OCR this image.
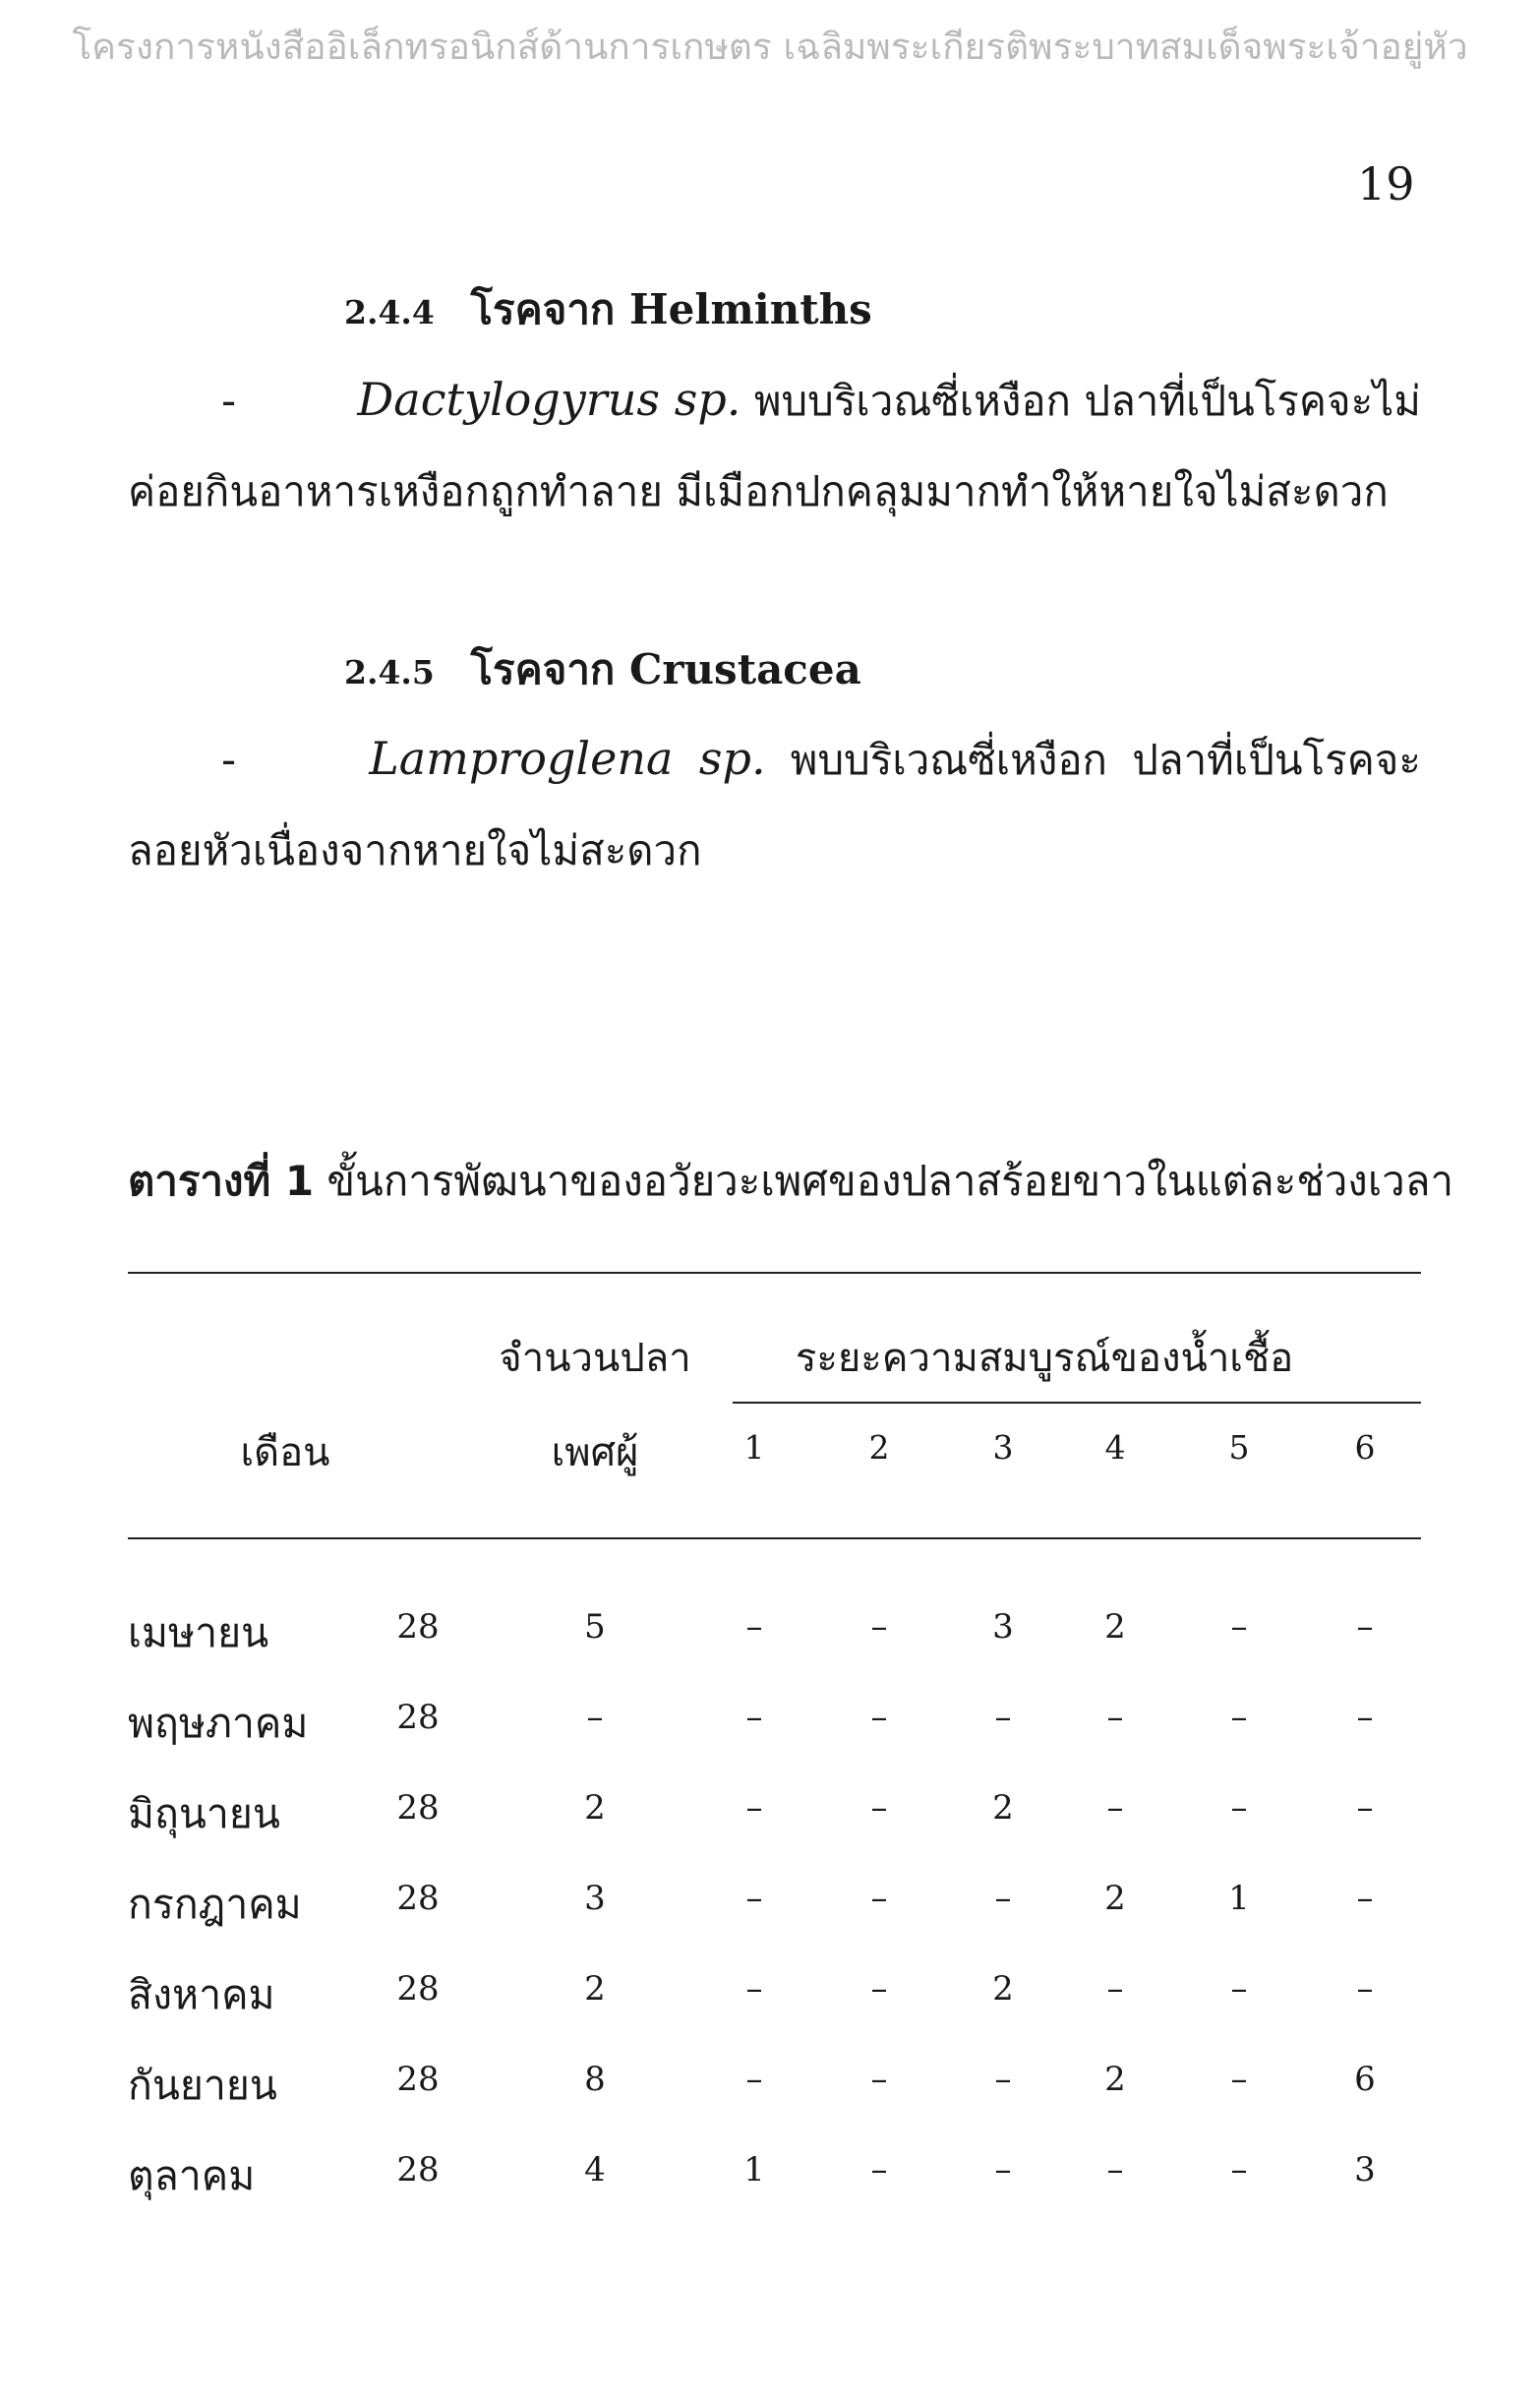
โครงการหนังสืออิเล็กทรอนิกส์ด้านการเกษตร เฉลิมพระเกียรติพระบาทสมเด็จพระเจ้าอยู่หัว
19
2.4.4 โรคจาก Helminths
-	Dactylogyrus sp. พบบริเวณซี่เหงือก ปลาที่เป็นโรคจะไม่
ค่อยกินอาหารเหงือกถูกทำลาย มีเมือกปกคลุมมากทำให้หายใจไม่สะดวก
2.4.5 โรคจาก Crustacea
-	Lamproglena sp. พบบริเวณซี่เหงือก ปลาที่เป็นโรคจะ
ลอยหัวเนื่องจากหายใจไม่สะดวก
ตารางที่ 1 ขั้นการพัฒนาของอวัยวะเพศของปลาสร้อยขาวในแต่ละช่วงเวลา
เดือน
จำนวนปลา
เพศผู้
ระยะความสมบูรณ์ของน้ำเชื้อ
1	2	3	4	5	6
เมษายน	28	5	–	–	3	2	–	–
พฤษภาคม	28	–	–	–	–	–	–	–
มิถุนายน	28	2	–	–	2	–	–	–
กรกฎาคม	28	3	–	–	–	2	1	–
สิงหาคม	28	2	–	–	2	–	–	–
กันยายน	28	8	–	–	–	2	–	6
ตุลาคม	28	4	1	–	–	–	–	3
